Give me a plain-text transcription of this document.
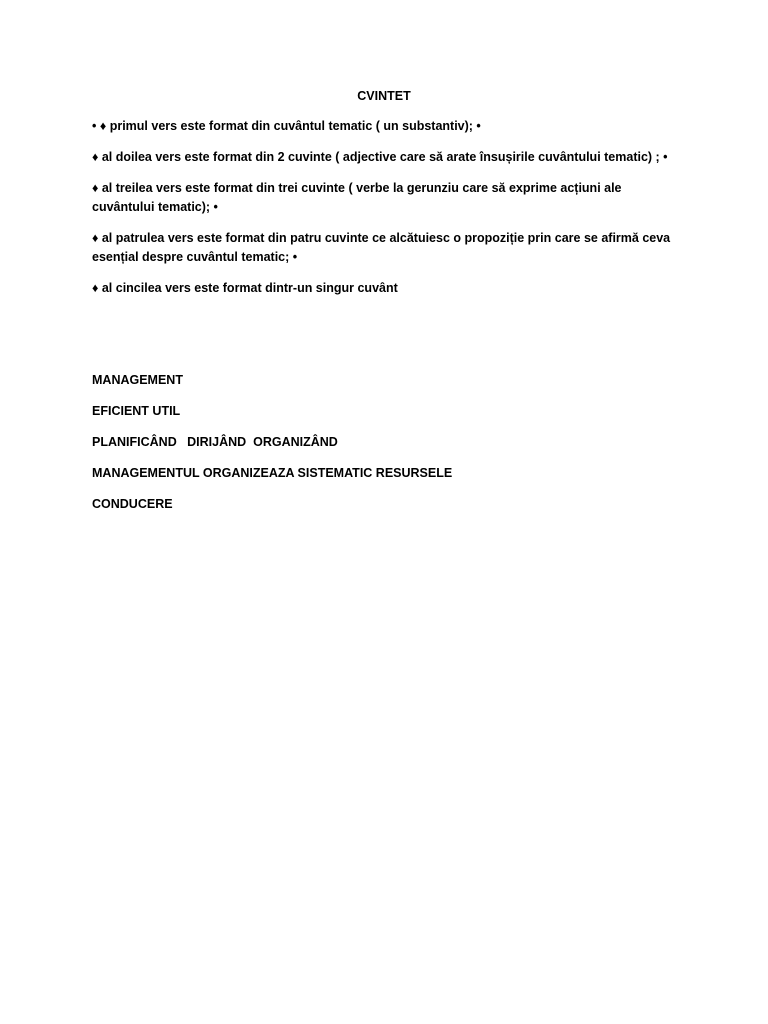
CVINTET

• ♦ primul vers este format din cuvântul tematic ( un substantiv); •

♦ al doilea vers este format din 2 cuvinte ( adjective care să arate însușirile cuvântului tematic) ; •

♦ al treilea vers este format din trei cuvinte ( verbe la gerunziu care să exprime acțiuni ale cuvântului tematic); •

♦ al patrulea vers este format din patru cuvinte ce alcătuiesc o propoziție prin care se afirmă ceva esențial despre cuvântul tematic; •

♦ al cincilea vers este format dintr-un singur cuvânt

MANAGEMENT

EFICIENT UTIL

PLANIFICÂND   DIRIJÂND  ORGANIZÂND

MANAGEMENTUL ORGANIZEAZA SISTEMATIC RESURSELE

CONDUCERE
